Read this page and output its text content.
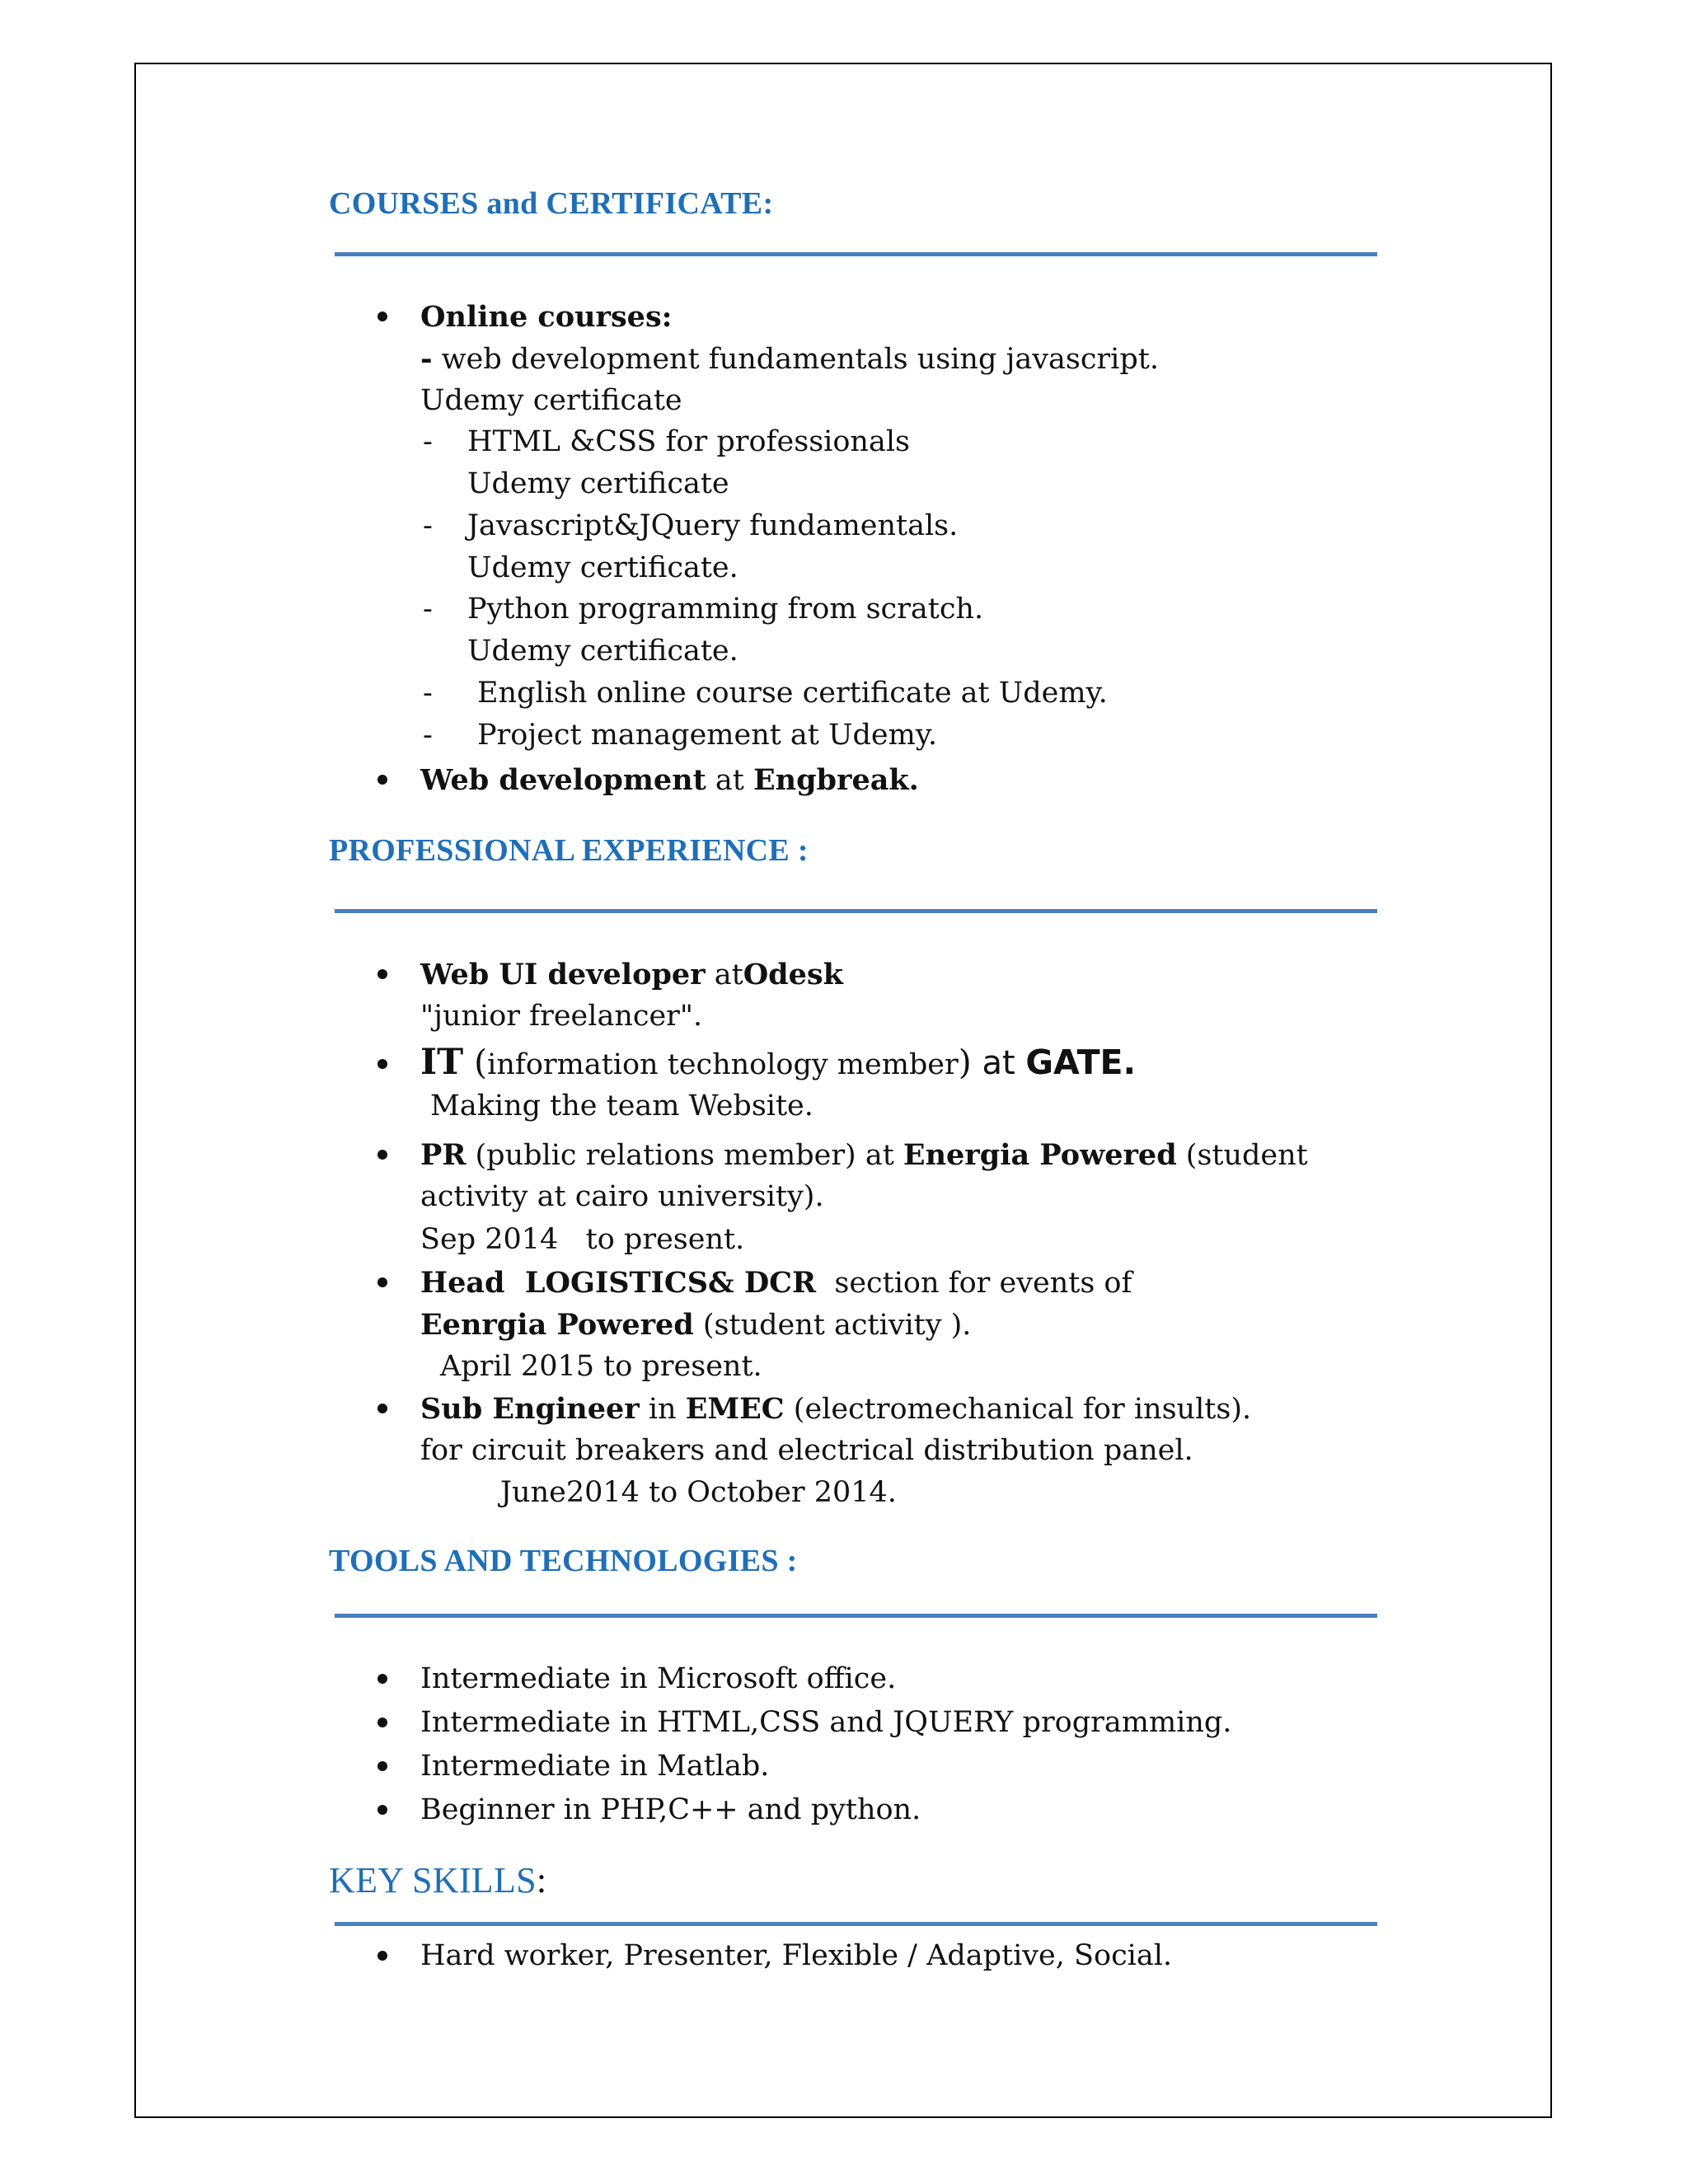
COURSES and CERTIFICATE:
Online courses:
- web development fundamentals using javascript.
Udemy certificate
- HTML &CSS for professionals
Udemy certificate
- Javascript&JQuery fundamentals.
Udemy certificate.
- Python programming from scratch.
Udemy certificate.
- English online course certificate at Udemy.
- Project management at Udemy.
Web development at Engbreak.
PROFESSIONAL EXPERIENCE :
Web UI developer atOdesk
"junior freelancer".
IT (information technology member) at GATE.
Making the team Website.
PR (public relations member) at Energia Powered (student
activity at cairo university).
Sep 2014   to present.
Head  LOGISTICS& DCR  section for events of
Eenrgia Powered (student activity ).
April 2015 to present.
Sub Engineer in EMEC (electromechanical for insults).
for circuit breakers and electrical distribution panel.
June2014 to October 2014.
TOOLS AND TECHNOLOGIES :
Intermediate in Microsoft office.
Intermediate in HTML,CSS and JQUERY programming.
Intermediate in Matlab.
Beginner in PHP,C++ and python.
KEY SKILLS:
Hard worker, Presenter, Flexible / Adaptive, Social.
